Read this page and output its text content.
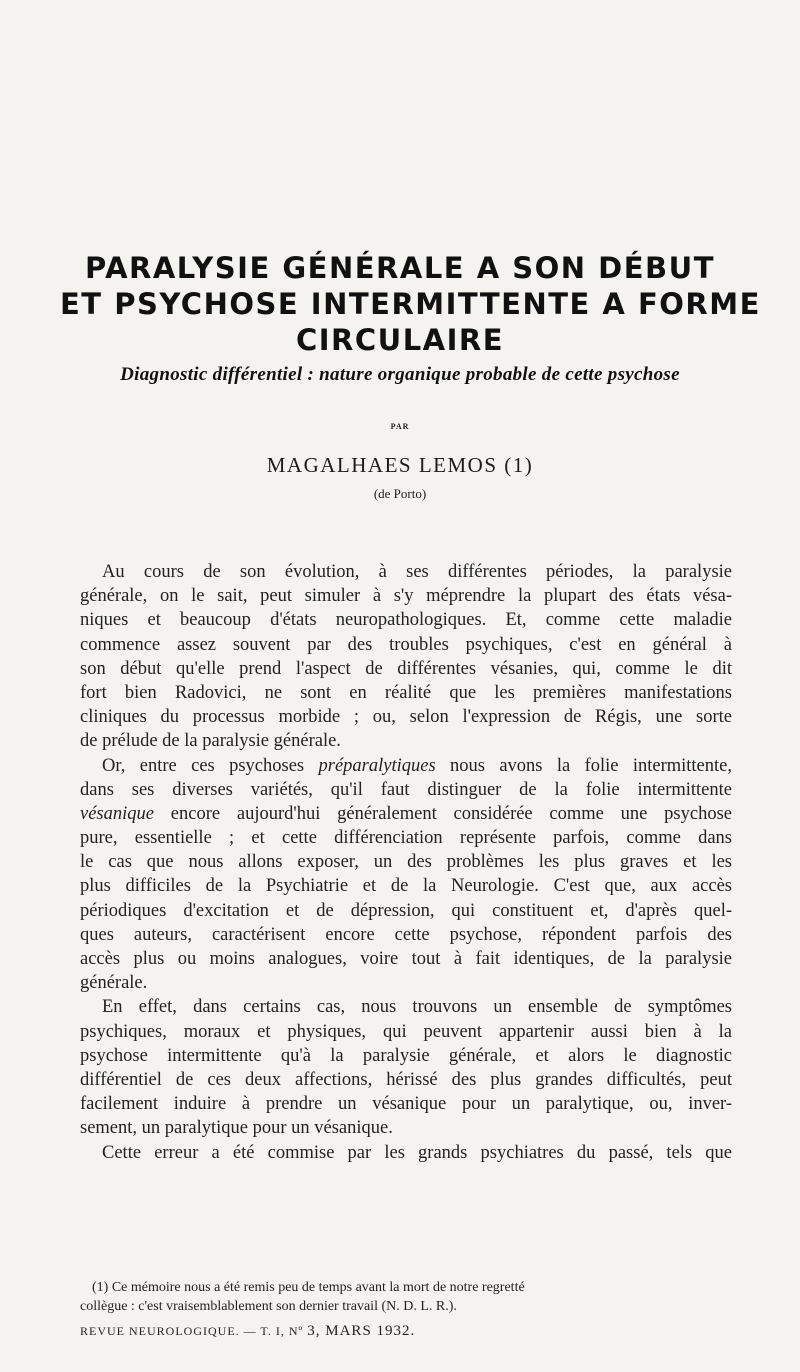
PARALYSIE GÉNÉRALE A SON DÉBUT
ET PSYCHOSE INTERMITTENTE A FORME
CIRCULAIRE
Diagnostic différentiel : nature organique probable de cette psychose
PAR
MAGALHAES LEMOS (1)
(de Porto)
Au cours de son évolution, à ses différentes périodes, la paralysie
générale, on le sait, peut simuler à s'y méprendre la plupart des états vésa-
niques et beaucoup d'états neuropathologiques. Et, comme cette maladie
commence assez souvent par des troubles psychiques, c'est en général à
son début qu'elle prend l'aspect de différentes vésanies, qui, comme le dit
fort bien Radovici, ne sont en réalité que les premières manifestations
cliniques du processus morbide ; ou, selon l'expression de Régis, une sorte
de prélude de la paralysie générale.
Or, entre ces psychoses préparalytiques nous avons la folie intermittente,
dans ses diverses variétés, qu'il faut distinguer de la folie intermittente
vésanique encore aujourd'hui généralement considérée comme une psychose
pure, essentielle ; et cette différenciation représente parfois, comme dans
le cas que nous allons exposer, un des problèmes les plus graves et les
plus difficiles de la Psychiatrie et de la Neurologie. C'est que, aux accès
périodiques d'excitation et de dépression, qui constituent et, d'après quel-
ques auteurs, caractérisent encore cette psychose, répondent parfois des
accès plus ou moins analogues, voire tout à fait identiques, de la paralysie
générale.
En effet, dans certains cas, nous trouvons un ensemble de symptômes
psychiques, moraux et physiques, qui peuvent appartenir aussi bien à la
psychose intermittente qu'à la paralysie générale, et alors le diagnostic
différentiel de ces deux affections, hérissé des plus grandes difficultés, peut
facilement induire à prendre un vésanique pour un paralytique, ou, inver-
sement, un paralytique pour un vésanique.
Cette erreur a été commise par les grands psychiatres du passé, tels que
(1) Ce mémoire nous a été remis peu de temps avant la mort de notre regretté
collègue : c'est vraisemblablement son dernier travail (N. D. L. R.).
REVUE NEUROLOGIQUE. — T. I, Nº 3, MARS 1932.
